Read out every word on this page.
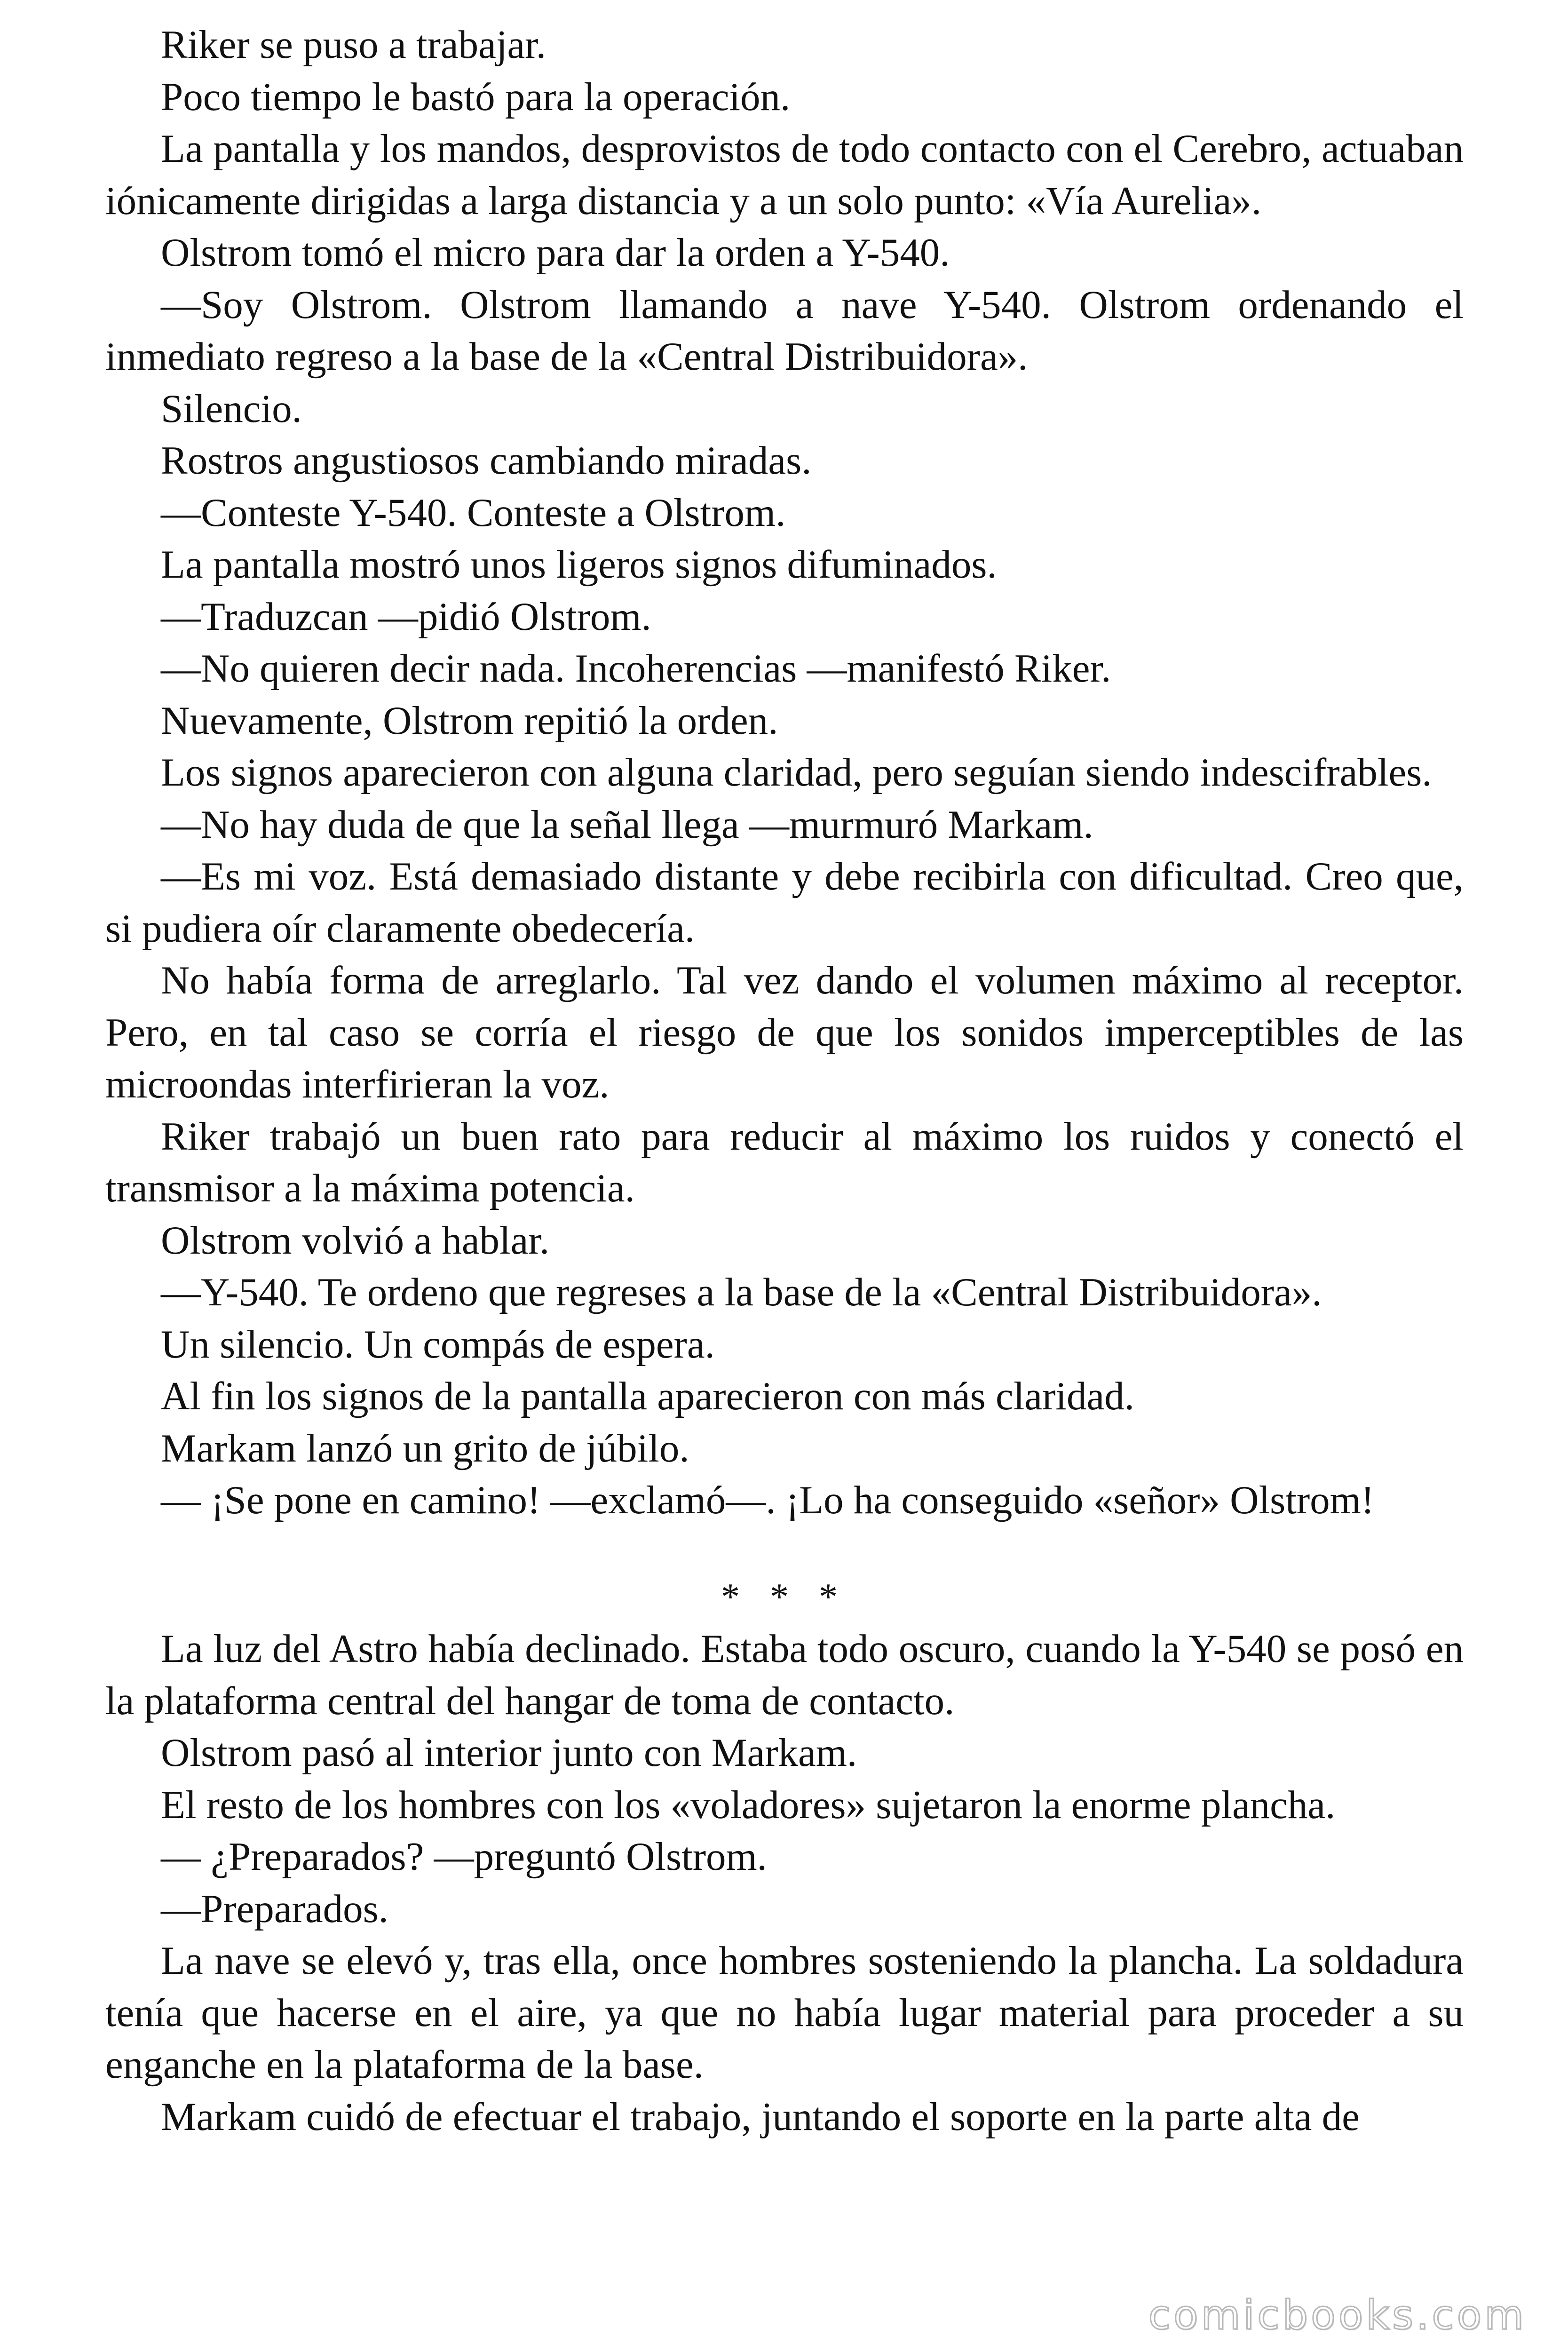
Riker se puso a trabajar.

Poco tiempo le bastó para la operación.

La pantalla y los mandos, desprovistos de todo contacto con el Cerebro, actuaban iónicamente dirigidas a larga distancia y a un solo punto: «Vía Aurelia».

Olstrom tomó el micro para dar la orden a Y-540.

—Soy Olstrom. Olstrom llamando a nave Y-540. Olstrom ordenando el inmediato regreso a la base de la «Central Distribuidora».

Silencio.

Rostros angustiosos cambiando miradas.

—Conteste Y-540. Conteste a Olstrom.

La pantalla mostró unos ligeros signos difuminados.

—Traduzcan —pidió Olstrom.

—No quieren decir nada. Incoherencias —manifestó Riker.

Nuevamente, Olstrom repitió la orden.

Los signos aparecieron con alguna claridad, pero seguían siendo indescifrables.

—No hay duda de que la señal llega —murmuró Markam.

—Es mi voz. Está demasiado distante y debe recibirla con dificultad. Creo que, si pudiera oír claramente obedecería.

No había forma de arreglarlo. Tal vez dando el volumen máximo al receptor. Pero, en tal caso se corría el riesgo de que los sonidos imperceptibles de las microondas interfirieran la voz.

Riker trabajó un buen rato para reducir al máximo los ruidos y conectó el transmisor a la máxima potencia.

Olstrom volvió a hablar.

—Y-540. Te ordeno que regreses a la base de la «Central Distribuidora».

Un silencio. Un compás de espera.

Al fin los signos de la pantalla aparecieron con más claridad.

Markam lanzó un grito de júbilo.

— ¡Se pone en camino! —exclamó—. ¡Lo ha conseguido «señor» Olstrom!

* * *

La luz del Astro había declinado. Estaba todo oscuro, cuando la Y-540 se posó en la plataforma central del hangar de toma de contacto.

Olstrom pasó al interior junto con Markam.

El resto de los hombres con los «voladores» sujetaron la enorme plancha.

— ¿Preparados? —preguntó Olstrom.

—Preparados.

La nave se elevó y, tras ella, once hombres sosteniendo la plancha. La soldadura tenía que hacerse en el aire, ya que no había lugar material para proceder a su enganche en la plataforma de la base.

Markam cuidó de efectuar el trabajo, juntando el soporte en la parte alta de

comicbooks.com
